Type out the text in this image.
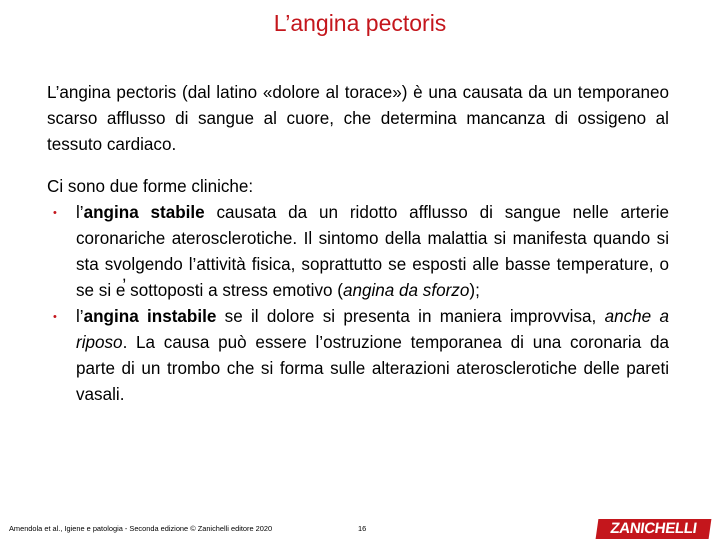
L’angina pectoris

L’angina pectoris (dal latino «dolore al torace») è una causata da un temporaneo scarso afflusso di sangue al cuore, che determina mancanza di ossigeno al tessuto cardiaco.

Ci sono due forme cliniche:

• l’angina stabile causata da un ridotto afflusso di sangue nelle arterie coronariche aterosclerotiche. Il sintomo della malattia si manifesta quando si sta svolgendo l’attività fisica, soprattutto se esposti alle basse temperature, o se si e̕ sottoposti a stress emotivo (angina da sforzo);
• l’angina instabile se il dolore si presenta in maniera improvvisa, anche a riposo. La causa può essere l’ostruzione temporanea di una coronaria da parte di un trombo che si forma sulle alterazioni aterosclerotiche delle pareti vasali.
Amendola et al., Igiene e patologia - Seconda edizione © Zanichelli editore 2020	16	ZANICHELLI
